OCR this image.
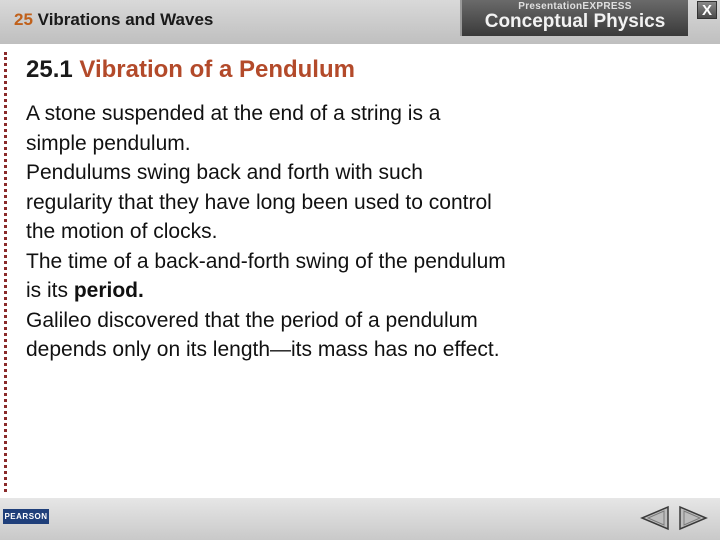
25 Vibrations and Waves
PresentationEXPRESS
Conceptual Physics
X
25.1 Vibration of a Pendulum

A stone suspended at the end of a string is a simple pendulum.

Pendulums swing back and forth with such regularity that they have long been used to control the motion of clocks.

The time of a back-and-forth swing of the pendulum is its period.

Galileo discovered that the period of a pendulum depends only on its length—its mass has no effect.

PEARSON
